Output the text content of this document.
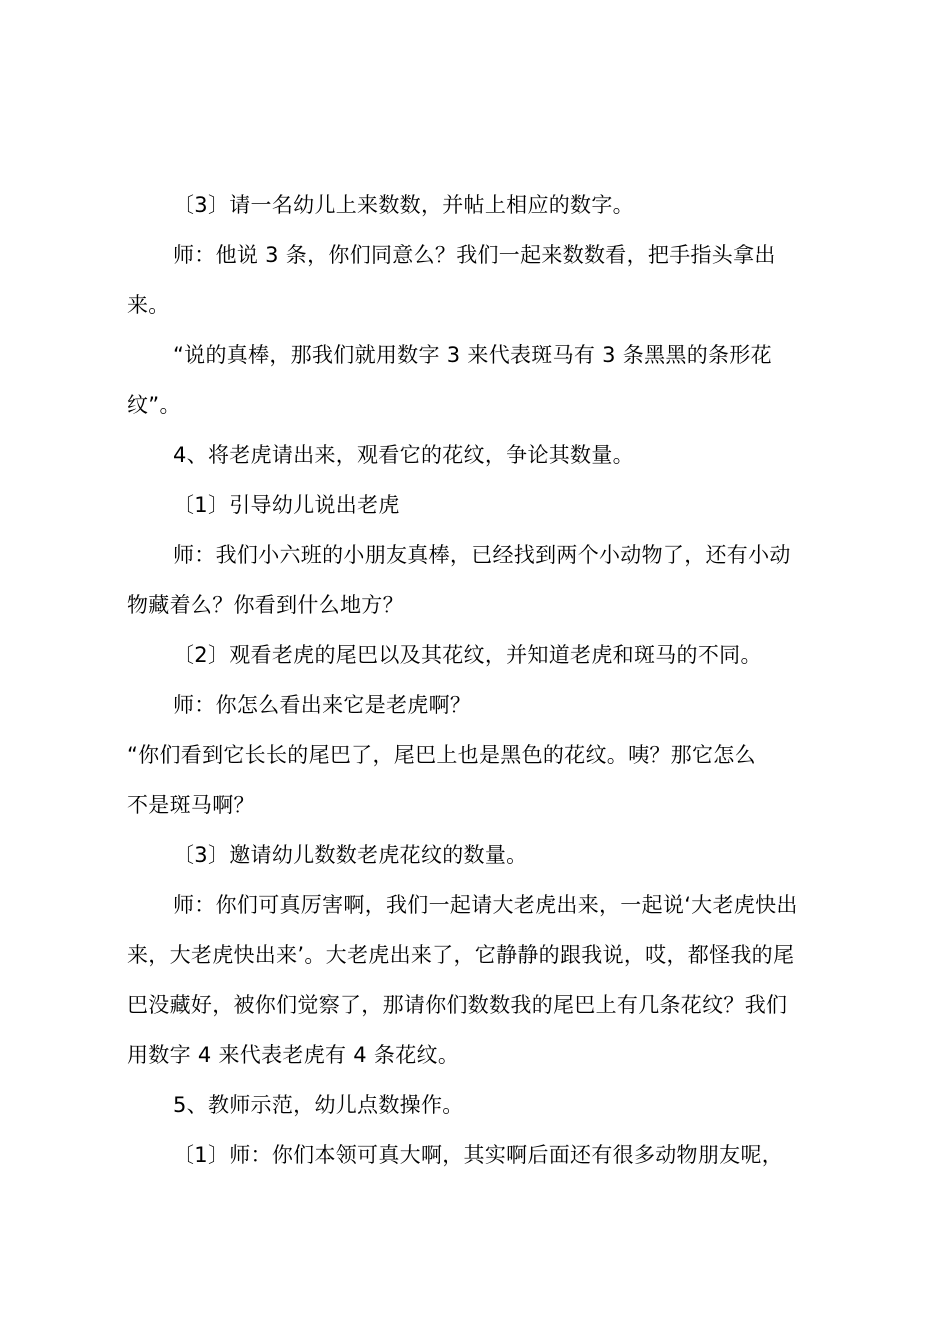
〔3〕请一名幼儿上来数数，并帖上相应的数字。
师：他说 3 条，你们同意么？我们一起来数数看，把手指头拿出
来。
“说的真棒，那我们就用数字 3 来代表斑马有 3 条黑黑的条形花
纹”。
4、将老虎请出来，观看它的花纹，争论其数量。
〔1〕引导幼儿说出老虎
师：我们小六班的小朋友真棒，已经找到两个小动物了，还有小动
物藏着么？你看到什么地方？
〔2〕观看老虎的尾巴以及其花纹，并知道老虎和斑马的不同。
师：你怎么看出来它是老虎啊？
“你们看到它长长的尾巴了，尾巴上也是黑色的花纹。咦？那它怎么
不是斑马啊？
〔3〕邀请幼儿数数老虎花纹的数量。
师：你们可真厉害啊，我们一起请大老虎出来，一起说‘大老虎快出
来，大老虎快出来’。大老虎出来了，它静静的跟我说，哎，都怪我的尾
巴没藏好，被你们觉察了，那请你们数数我的尾巴上有几条花纹？我们
用数字 4 来代表老虎有 4 条花纹。
5、教师示范，幼儿点数操作。
〔1〕师：你们本领可真大啊，其实啊后面还有很多动物朋友呢，
